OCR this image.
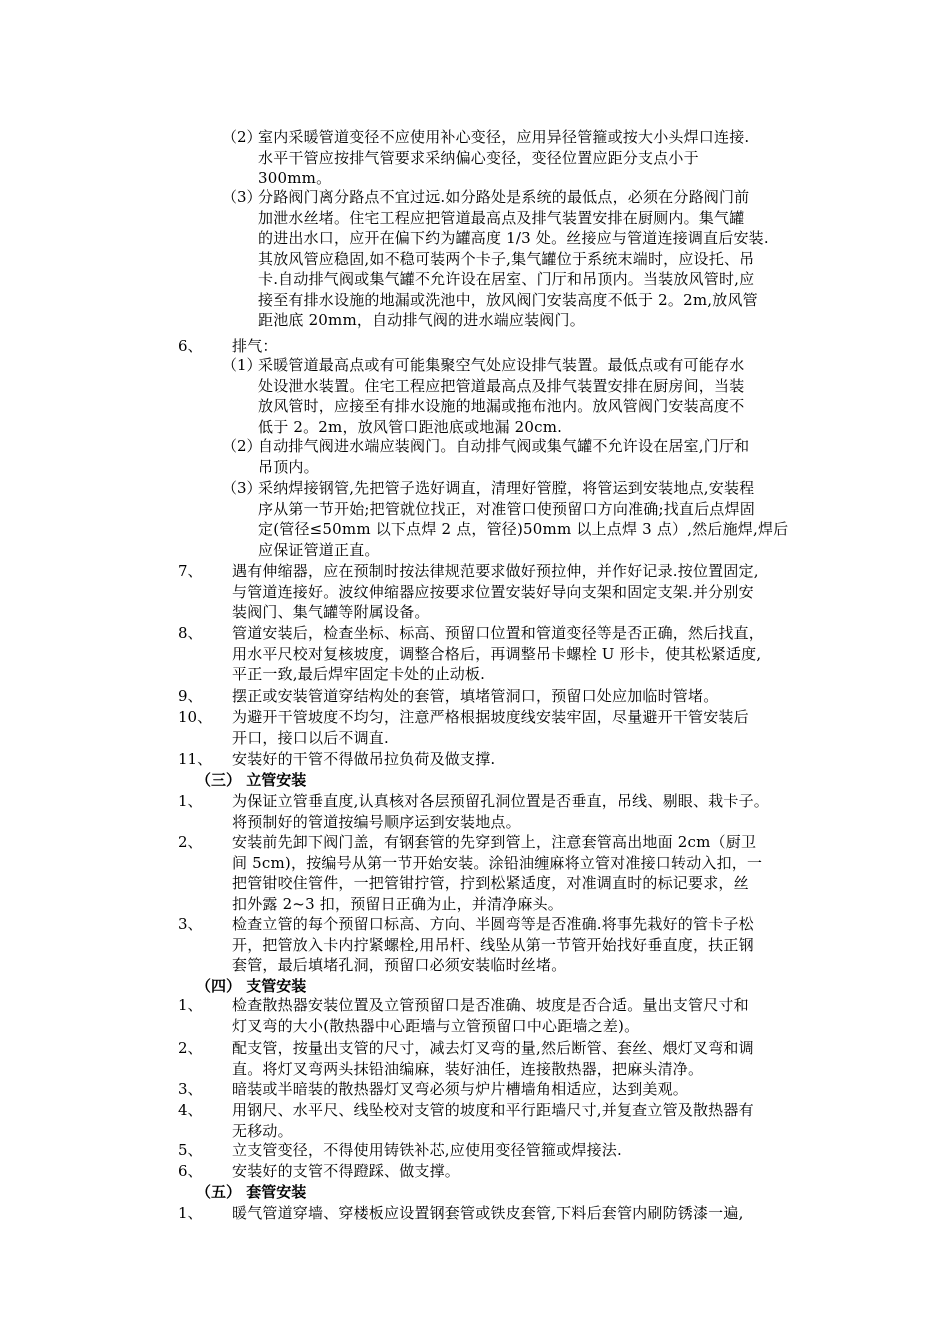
（2）
室内采暖管道变径不应使用补心变径，应用异径管箍或按大小头焊口连接.
水平干管应按排气管要求采纳偏心变径，变径位置应距分支点小于
300mm。
（3）
分路阀门离分路点不宜过远.如分路处是系统的最低点，必须在分路阀门前
加泄水丝堵。住宅工程应把管道最高点及排气装置安排在厨厕内。集气罐
的进出水口，应开在偏下约为罐高度 1/3 处。丝接应与管道连接调直后安装.
其放风管应稳固,如不稳可装两个卡子,集气罐位于系统末端时，应设托、吊
卡.自动排气阀或集气罐不允许设在居室、门厅和吊顶内。当装放风管时,应
接至有排水设施的地漏或洗池中，放风阀门安装高度不低于 2。2m,放风管
距池底 20mm，自动排气阀的进水端应装阀门。
6、 排气：
（1）
采暖管道最高点或有可能集聚空气处应设排气装置。最低点或有可能存水
处设泄水装置。住宅工程应把管道最高点及排气装置安排在厨房间，当装
放风管时，应接至有排水设施的地漏或拖布池内。放风管阀门安装高度不
低于 2。2m，放风管口距池底或地漏 20cm.
（2）
自动排气阀进水端应装阀门。自动排气阀或集气罐不允许设在居室,门厅和
吊顶内。
（3）
采纳焊接钢管,先把管子选好调直，清理好管膛，将管运到安装地点,安装程
序从第一节开始;把管就位找正，对准管口使预留口方向准确;找直后点焊固
定(管径≤50mm 以下点焊 2 点，管径)50mm 以上点焊 3 点）,然后施焊,焊后
应保证管道正直。
7、 遇有伸缩器，应在预制时按法律规范要求做好预拉伸，并作好记录.按位置固定,
与管道连接好。波纹伸缩器应按要求位置安装好导向支架和固定支架.并分别安
装阀门、集气罐等附属设备。
8、 管道安装后，检查坐标、标高、预留口位置和管道变径等是否正确，然后找直，
用水平尺校对复核坡度，调整合格后，再调整吊卡螺栓 U 形卡，使其松紧适度,
平正一致,最后焊牢固定卡处的止动板.
9、 摆正或安装管道穿结构处的套管，填堵管洞口，预留口处应加临时管堵。
10、 为避开干管坡度不均匀，注意严格根据坡度线安装牢固，尽量避开干管安装后
开口，接口以后不调直.
11、 安装好的干管不得做吊拉负荷及做支撑.
（三） 立管安装
1、 为保证立管垂直度,认真核对各层预留孔洞位置是否垂直，吊线、剔眼、栽卡子。
将预制好的管道按编号顺序运到安装地点。
2、 安装前先卸下阀门盖，有钢套管的先穿到管上，注意套管高出地面 2cm（厨卫
间 5cm)，按编号从第一节开始安装。涂铅油缠麻将立管对准接口转动入扣，一
把管钳咬住管件，一把管钳拧管，拧到松紧适度，对准调直时的标记要求，丝
扣外露 2~3 扣，预留日正确为止，并清净麻头。
3、 检查立管的每个预留口标高、方向、半圆弯等是否准确.将事先栽好的管卡子松
开，把管放入卡内拧紧螺栓,用吊杆、线坠从第一节管开始找好垂直度，扶正钢
套管，最后填堵孔洞，预留口必须安装临时丝堵。
（四） 支管安装
1、 检查散热器安装位置及立管预留口是否准确、坡度是否合适。量出支管尺寸和
灯叉弯的大小(散热器中心距墙与立管预留口中心距墙之差)。
2、 配支管，按量出支管的尺寸，减去灯叉弯的量,然后断管、套丝、煨灯叉弯和调
直。将灯叉弯两头抹铅油编麻，装好油任，连接散热器，把麻头清净。
3、 暗装或半暗装的散热器灯叉弯必须与炉片槽墙角相适应，达到美观。
4、 用钢尺、水平尺、线坠校对支管的坡度和平行距墙尺寸,并复查立管及散热器有
无移动。
5、 立支管变径，不得使用铸铁补芯,应使用变径管箍或焊接法.
6、 安装好的支管不得蹬踩、做支撑。
（五） 套管安装
1、 暖气管道穿墙、穿楼板应设置钢套管或铁皮套管,下料后套管内刷防锈漆一遍,
